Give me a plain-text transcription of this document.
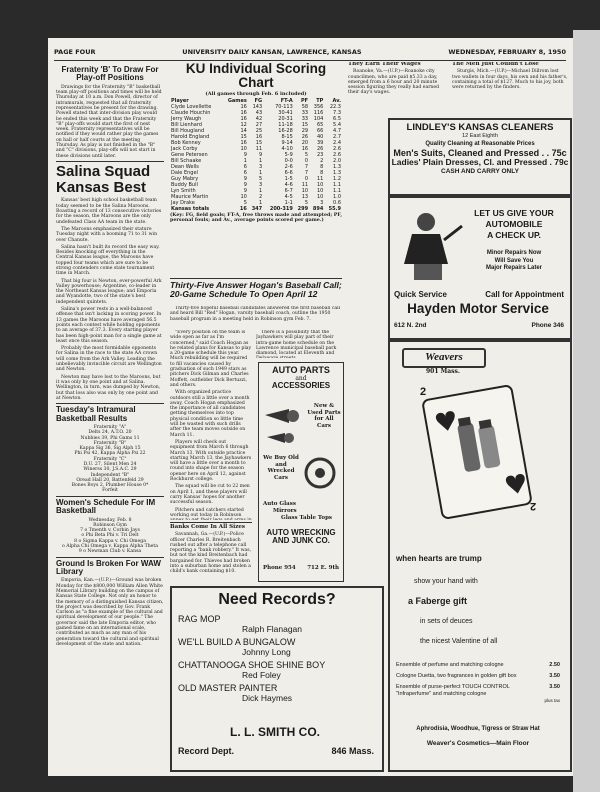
PAGE FOUR	UNIVERSITY DAILY KANSAN, LAWRENCE, KANSAS	WEDNESDAY, FEBRUARY 8, 1950
Fraternity 'B' To Draw For Play-off Positions
Drawings for the Fraternity "B" basketball team play-off positions and times will be held Thursday at 10 a.m. Don Powell, director of intramurals, requested that all fraternity representatives be present for the drawing. Powell stated that inter-division play would be ended this week and that the Fraternity "B" play-offs would start the first of next week. Fraternity representatives will be notified if they would rather play the games on hall or half courts at the meeting Thursday. As play is not finished in the "B" and "C" divisions, play-offs will not start in these divisions until later.
Salina Squad Kansas Best
Kansas' best high school basketball team today seemed to be the Salina Maroons. Boasting a record of 13 consecutive victories for the season, the Maroons are the only undefeated Class AA team in the state.
The Maroons emphasized their stature Tuesday night with a booming 71 to 31 win over Chanute.
Salina hasn't built its record the easy way. Besides knocking off everything in the Central Kansas league, the Maroons have topped four teams which are sure to be strong contenders come state tournament time in March.
That big four is Newton, ever-powerful Ark Valley powerhouse; Argentine, co-leader in the Northeast Kansas league; and Emporia and Wyandotte, two of the state's best independent quintets.
Salina's power rests in a well-balanced offense that isn't lacking in scoring power. In 13 games the Maroons have averaged 56.5 points each contest while holding opponents to an average of 37.3. Every starting player has been high-point man for a single game at least once this season.
Probably the most formidable opponents for Salina in the race to the state AA crown will come from the Ark Valley. Leading the unbelievably invincible circuit are Wellington and Newton.
Newton may have lost to the Maroons, but it was only by one point and at Salina. Wellington, in turn, was dumped by Newton, but that loss also was only by one point and at Newton.
Tuesday's Intramural Basketball Results
Fraternity "A"
Delts 24, A.T.O. 20
Nubbies 39, Phi Gams 11
Fraternity "B"
Kappa Sig 36, Sig Alph 15
Phi Psi 42, Kappa Alpha Psi 22
Fraternity "C"
D.U. 27, Silent Men 24
Winerss 30, J.S.A.C. 29
Independent "B"
Oread Hall 20, Battenfeld 29
Bones Boys 2, Plumber House 0*
Forfeit
Women's Schedule For IM Basketball
Wednesday, Feb. 8
Robinson Gym
7 o Tmenth v. Corbin Jays
o Phi Beta Phi v. Tri Delt
8 o Sigma Kappa v. Chi Omega
o Alpha Chi Omega v. Kappa Alpha Theta
9 o Newman Club v. Kansa
Ground Is Broken For WAW Library
Emporia, Kan.—(U.P.)—Ground was broken Monday for the $800,000 William Allen White Memorial Library building on the campus of Kansas State College. Not only an honor to the memory of a distinguished Kansas citizen, the project was described by Gov. Frank Carlson as "a fine example of the cultural and spiritual development of our people." The governor said the late Emporia editor, who gained fame on an international scale, contributed as much as any man of his generation toward the cultural and spiritual development of the state and nation.
KU Individual Scoring Chart
(All games through Feb. 6 included)
Player	Games	FG	FT-A	PF	TP	Av.
Clyde Lovellette	16	143	70-113	58	356	22.3
Claude Houchin	16	43	30-41	33	116	7.3
Jerry Waugh	16	42	20-31	33	104	6.5
Bill Lienhard	12	27	11-18	15	65	5.4
Bill Hougland	14	25	16-28	29	66	4.7
Harold England	15	16	8-15	26	40	2.7
Bob Kenney	16	15	9-14	20	39	2.4
Jack Corby	10	11	4-10	16	26	2.6
Gene Petersen	9	9	5-9	5	23	2.6
Bill Schaake	1	1	0-0	0	2	2.0
Dean Wells	6	3	2-6	7	8	1.3
Dale Engel	6	1	6-6	7	8	1.3
Guy Mabry	9	5	1-5	0	11	1.2
Buddy Bull	9	3	4-6	11	10	1.1
Lyn Smith	9	1	6-7	10	10	1.1
Maurice Martin	10	2	4-5	13	10	1.0
Jay Drake	5	1	1-1	5	3	0.6
Kansas totals	16	347	200-319	299	894	55.9
(Key: FG, field goals; FT-A, free throws made and attempted; PF, personal fouls; and Av., average points scored per game.)
Thirty-Five Answer Hogan's Baseball Call; 20-Game Schedule To Open April 12
Thirty-five hopeful baseball candidates answered the first baseball call and heard Bill "Red" Hogan, varsity baseball coach, outline the 1950 baseball program in a meeting held in Robinson gym Feb. 7.
"Every position on the team is wide open as far as I'm concerned," said Coach Hogan as he related plans for Kansas to play a 20-game schedule this year. Much rebuilding will be required to fill vacancies caused by graduation of such 1949 stars as pitchers Dick Gilman and Charles Moffett, outfielder Dick Bertuzzi, and others.
With organized practice outdoors still a little over a month away, Coach Hogan emphasized the importance of all candidates getting themselves into top physical condition so little time will be wasted with such drills after the team moves outside on March 11.
Players will check out equipment from March 6 through March 13. With outside practice starting March 13, the Jayhawkers will have a little over a month to round into shape for the season opener here on April 12, against Rockhurst college.
The squad will be cut to 22 men on April 1, and these players will carry Kansas' hopes for another successful season.
Pitchers and catchers started working out today in Robinson
Banks Come In All Sizes
Savannah, Ga.—(U.P.)—Police officer Charles R. Breitenbach rushed out after a telephone call reporting a "bank robbery." It was, but not the kind Breitenbach had bargained for. Thieves had broken into a suburban home and stolen a child's bank containing $10.
There is a possibility that the Jayhawkers will play part of their intra-game home schedule on the Lawrence municipal baseball park diamond, located at Eleventh and
AUTO PARTS
and
ACCESSORIES
New & Used Parts for All Cars
We Buy Old and Wrecked Cars
Auto Glass
Mirrors
Glass Table Tops
AUTO WRECKING AND JUNK CO.
Phone 954 712 E. 9th
Need Records?
RAG MOP
Ralph Flanagan
WE'LL BUILD A BUNGALOW
Johnny Long
CHATTANOOGA SHOE SHINE BOY
Red Foley
OLD MASTER PAINTER
Dick Haymes
L. L. SMITH CO.
Record Dept.	846 Mass.
They Earn Their Wages
Roanoke, Va.—(U.P.)—Roanoke city councilmen, who are paid $5.33 a day, emerged from a 6 hour and 20 minute session figuring they really had earned their day's wages.
The Men Just Couldn't Lose
Sturgis, Mich.—(U.P.)—Michael Dillrom lost two wallets in four days, his own and his father's, containing a total of $127. Much to his joy, both were returned by the finders.
LINDLEY'S KANSAS CLEANERS
12 East Eighth
Quality Cleaning at Reasonable Prices
Men's Suits, Cleaned and Pressed . . 75c
Ladies' Plain Dresses, Cl. and Pressed . 79c
CASH AND CARRY ONLY
LET US GIVE YOUR
AUTOMOBILE
A CHECK UP.
Minor Repairs Now
Will Save You
Major Repairs Later
Quick Service	Call for Appointment
Hayden Motor Service
612 N. 2nd	Phone 346
Weavers
901 Mass.
2
2
when hearts are trump
show your hand with
a Faberge gift
in sets of deuces
the nicest Valentine of all
Ensemble of perfume and matching cologne	2.50
Cologne Duetta, two fragrances in golden gift box	3.50
Ensemble of purse-perfect TOUCH CONTROL "Infraperfume" and matching cologne
3.50
plus tax
Aphrodisia, Woodhue, Tigress or Straw Hat
Weaver's Cosmetics—Main Floor
